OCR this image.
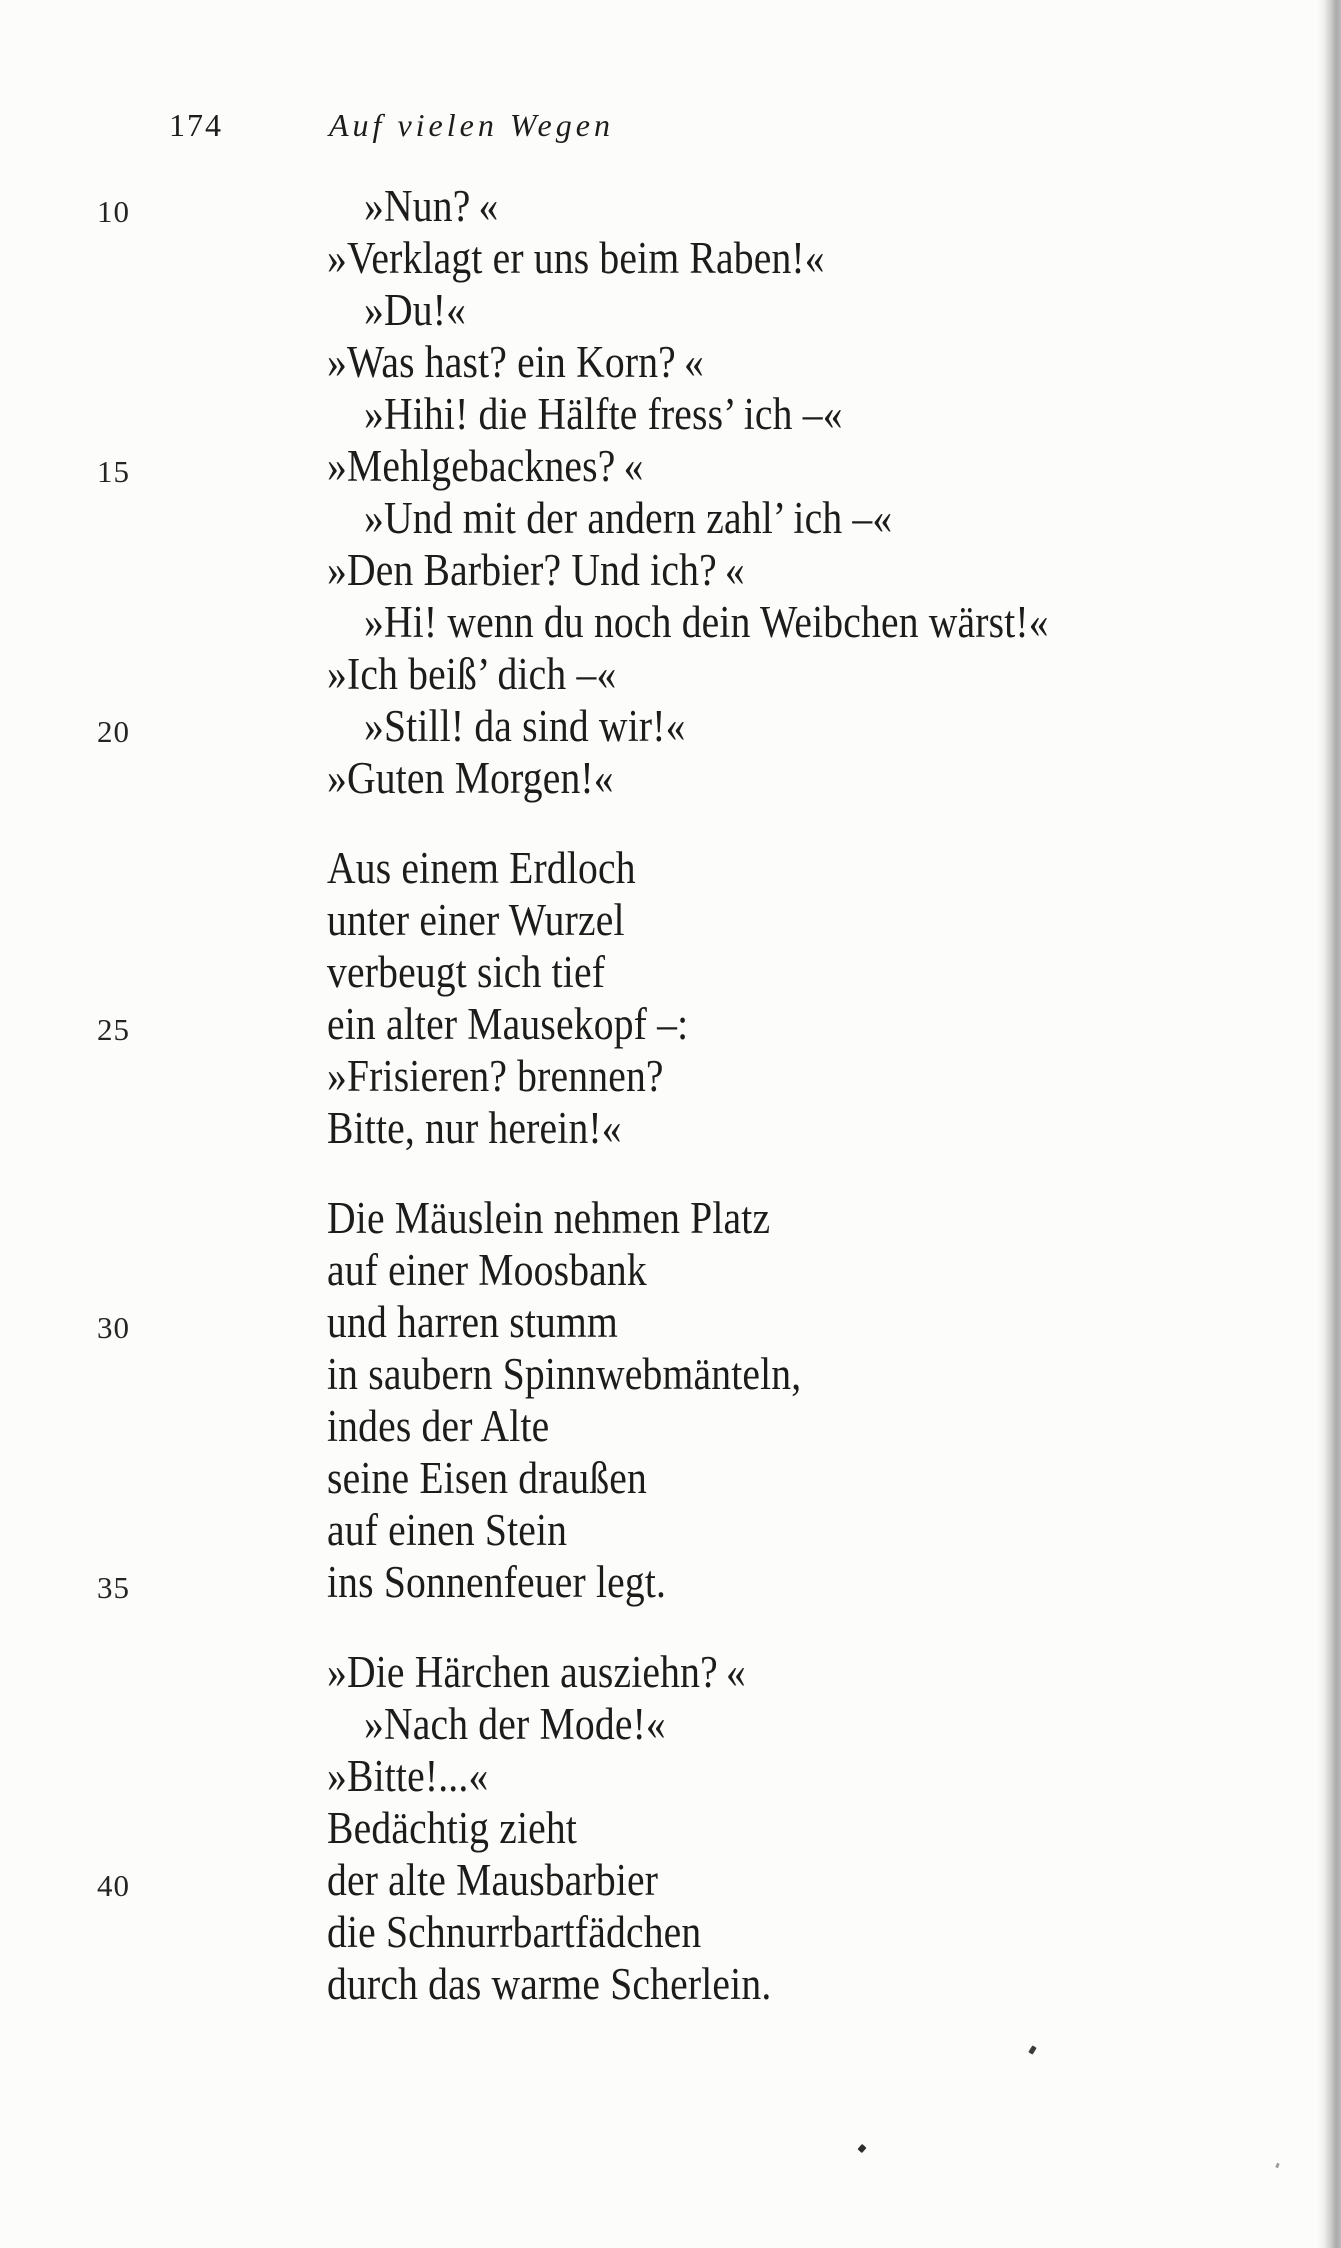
174	Auf vielen Wegen
10	»Nun? «
»Verklagt er uns beim Raben!«
»Du!«
»Was hast? ein Korn? «
»Hihi! die Hälfte fress’ ich –«
15	»Mehlgebacknes? «
»Und mit der andern zahl’ ich –«
»Den Barbier? Und ich? «
»Hi! wenn du noch dein Weibchen wärst!«
»Ich beiß’ dich –«
20	»Still! da sind wir!«
»Guten Morgen!«
Aus einem Erdloch
unter einer Wurzel
verbeugt sich tief
25	ein alter Mausekopf –:
»Frisieren? brennen?
Bitte, nur herein!«
Die Mäuslein nehmen Platz
auf einer Moosbank
30	und harren stumm
in saubern Spinnwebmänteln,
indes der Alte
seine Eisen draußen
auf einen Stein
35	ins Sonnenfeuer legt.
»Die Härchen ausziehn? «
»Nach der Mode!«
»Bitte!...«
Bedächtig zieht
40	der alte Mausbarbier
die Schnurrbartfädchen
durch das warme Scherlein.
